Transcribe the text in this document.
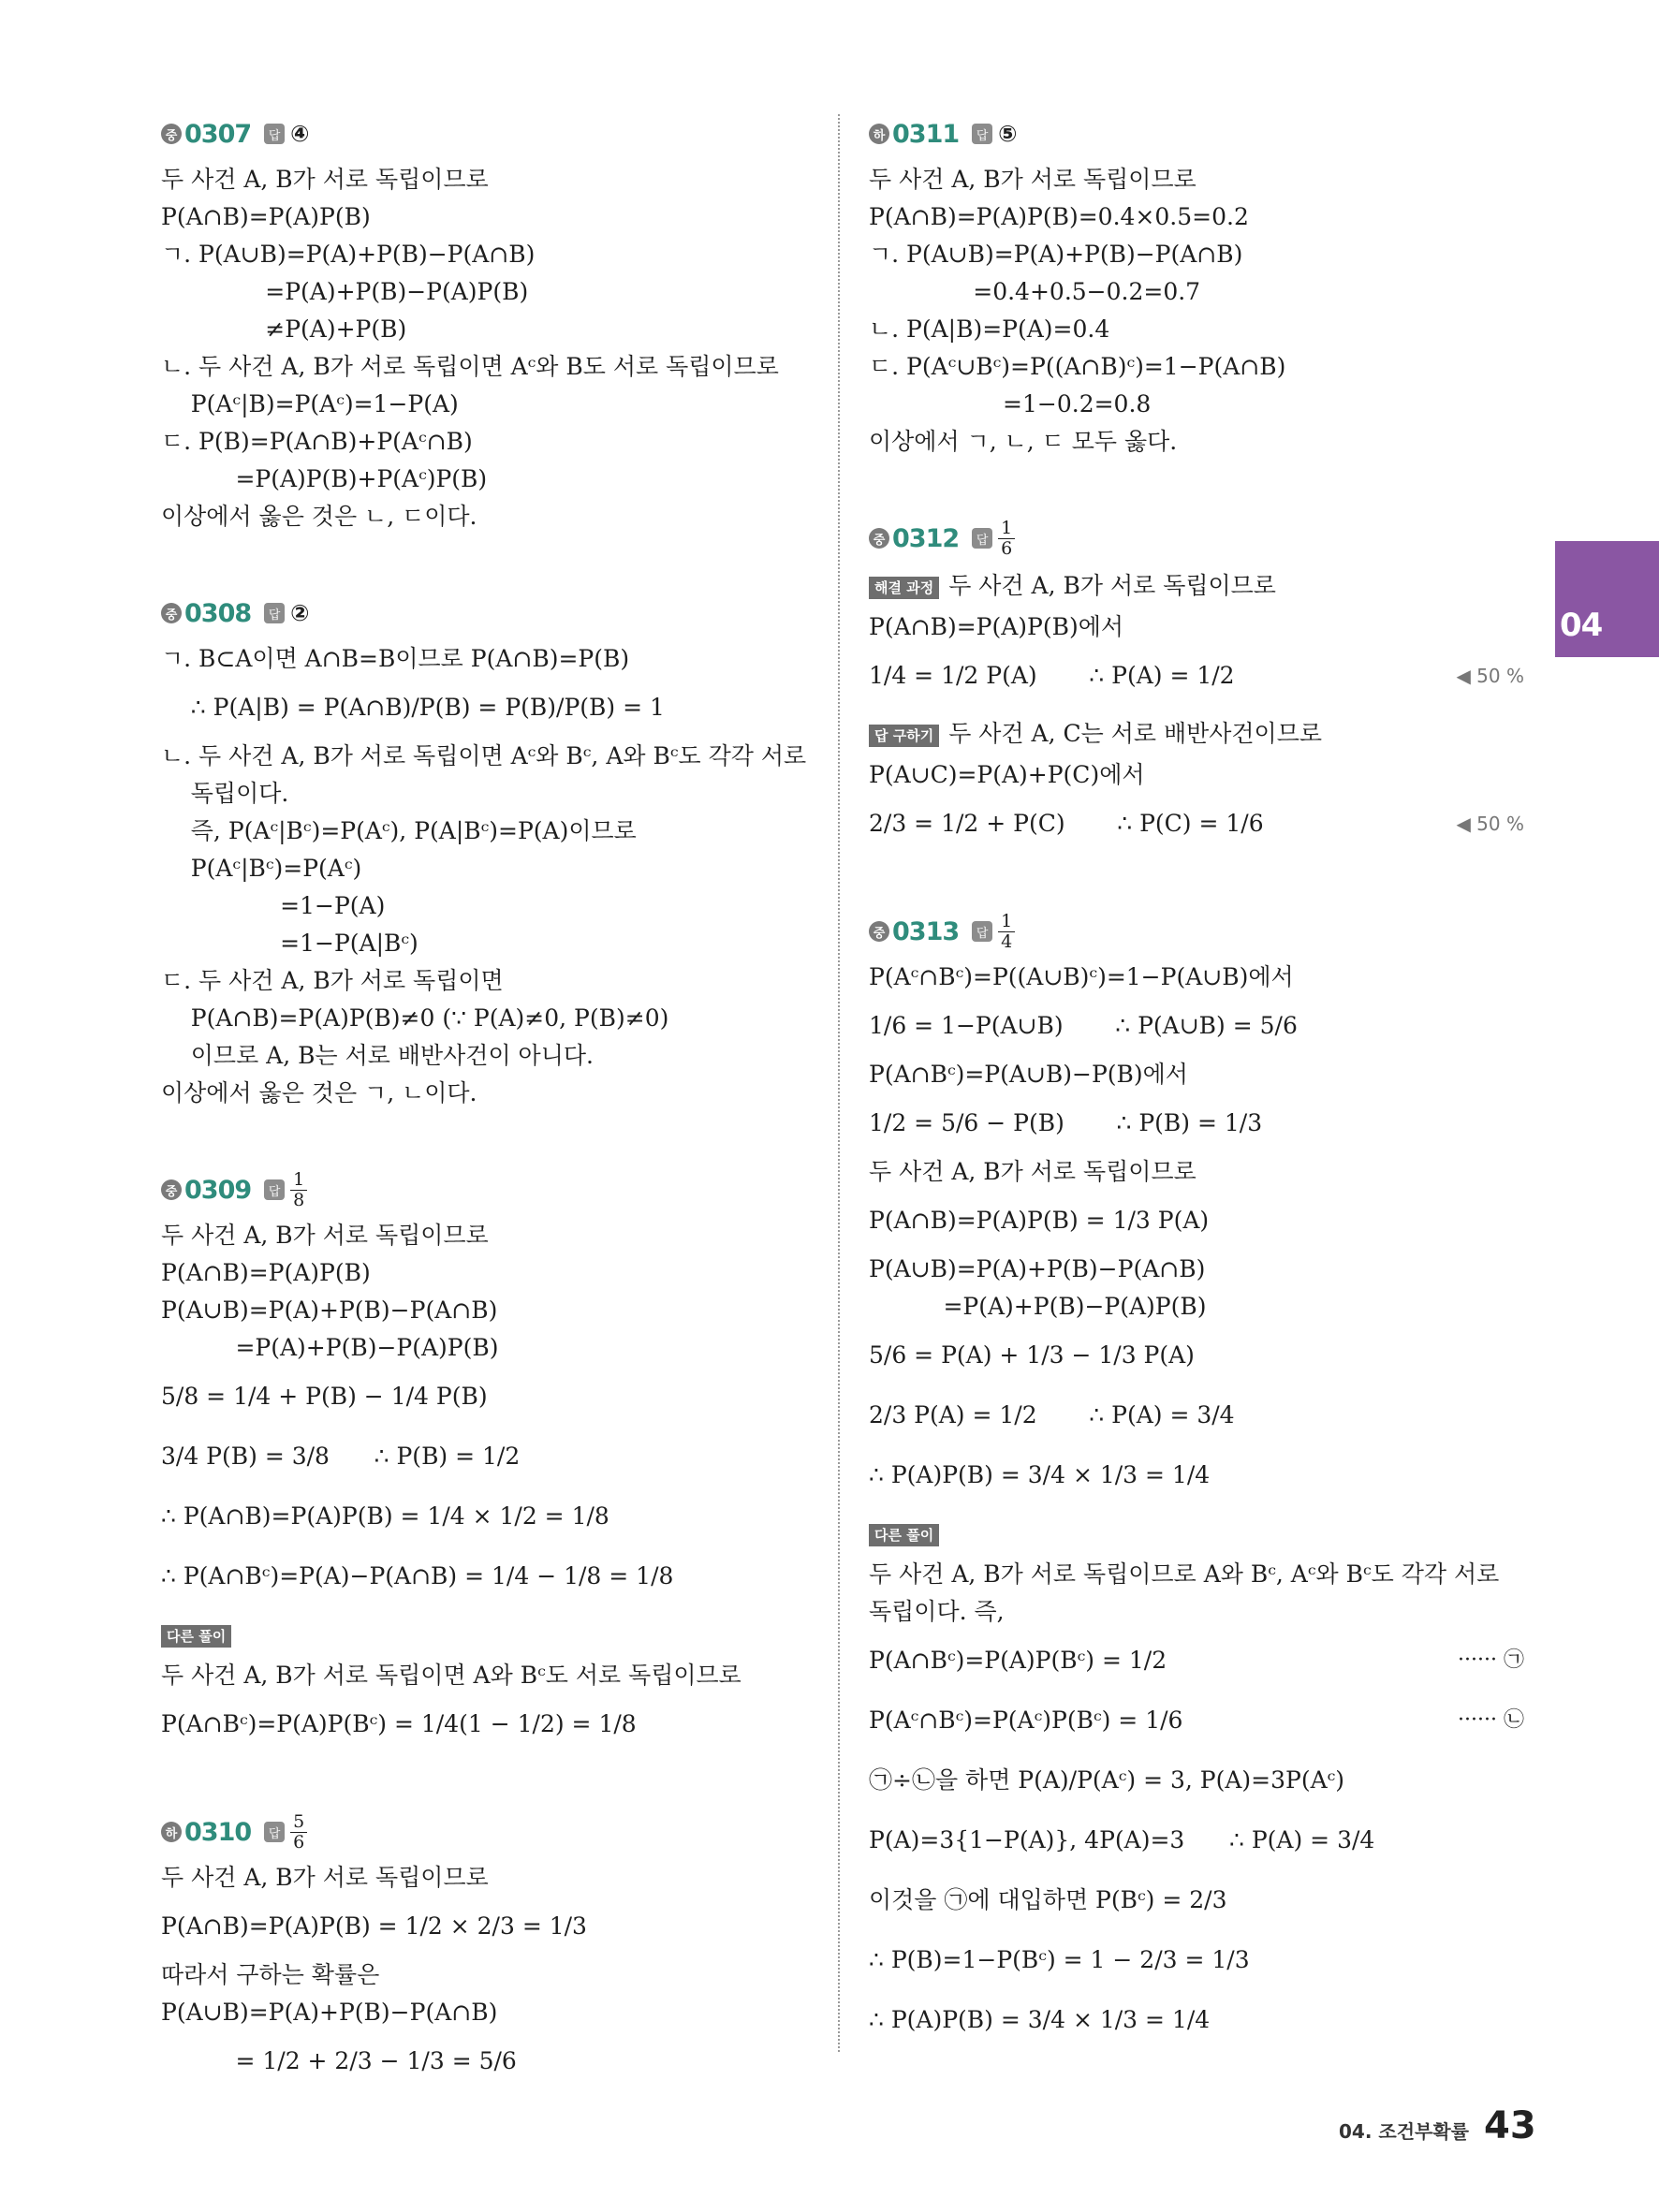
중 0307	답 ④
두 사건 A, B가 서로 독립이므로
P(A∩B)=P(A)P(B)
ㄱ. P(A∪B)=P(A)+P(B)−P(A∩B)
=P(A)+P(B)−P(A)P(B)
≠P(A)+P(B)
ㄴ. 두 사건 A, B가 서로 독립이면 Aᶜ와 B도 서로 독립이므로
P(Aᶜ|B)=P(Aᶜ)=1−P(A)
ㄷ. P(B)=P(A∩B)+P(Aᶜ∩B)
=P(A)P(B)+P(Aᶜ)P(B)
이상에서 옳은 것은 ㄴ, ㄷ이다.
중 0308	답 ②
ㄱ. B⊂A이면 A∩B=B이므로 P(A∩B)=P(B)
∴ P(A|B) = P(A∩B)/P(B) = P(B)/P(B) = 1
ㄴ. 두 사건 A, B가 서로 독립이면 Aᶜ와 Bᶜ, A와 Bᶜ도 각각 서로
독립이다.
즉, P(Aᶜ|Bᶜ)=P(Aᶜ), P(A|Bᶜ)=P(A)이므로
P(Aᶜ|Bᶜ)=P(Aᶜ)
=1−P(A)
=1−P(A|Bᶜ)
ㄷ. 두 사건 A, B가 서로 독립이면
P(A∩B)=P(A)P(B)≠0 (∵ P(A)≠0, P(B)≠0)
이므로 A, B는 서로 배반사건이 아니다.
이상에서 옳은 것은 ㄱ, ㄴ이다.
중 0309	답 $\frac{1}{8}$
두 사건 A, B가 서로 독립이므로
P(A∩B)=P(A)P(B)
P(A∪B)=P(A)+P(B)−P(A∩B)
=P(A)+P(B)−P(A)P(B)
5/8 = 1/4 + P(B) − 1/4 P(B)
3/4 P(B) = 3/8      ∴ P(B) = 1/2
∴ P(A∩B)=P(A)P(B) = 1/4 × 1/2 = 1/8
∴ P(A∩Bᶜ)=P(A)−P(A∩B) = 1/4 − 1/8 = 1/8
다른 풀이
두 사건 A, B가 서로 독립이면 A와 Bᶜ도 서로 독립이므로
P(A∩Bᶜ)=P(A)P(Bᶜ) = 1/4(1 − 1/2) = 1/8
하 0310	답 $\frac{5}{6}$
두 사건 A, B가 서로 독립이므로
P(A∩B)=P(A)P(B) = 1/2 × 2/3 = 1/3
따라서 구하는 확률은
P(A∪B)=P(A)+P(B)−P(A∩B)
= 1/2 + 2/3 − 1/3 = 5/6
하 0311	답 ⑤
두 사건 A, B가 서로 독립이므로
P(A∩B)=P(A)P(B)=0.4×0.5=0.2
ㄱ. P(A∪B)=P(A)+P(B)−P(A∩B)
=0.4+0.5−0.2=0.7
ㄴ. P(A|B)=P(A)=0.4
ㄷ. P(Aᶜ∪Bᶜ)=P((A∩B)ᶜ)=1−P(A∩B)
=1−0.2=0.8
이상에서 ㄱ, ㄴ, ㄷ 모두 옳다.
중 0312	답 $\frac{1}{6}$
해결 과정 두 사건 A, B가 서로 독립이므로
P(A∩B)=P(A)P(B)에서
1/4 = 1/2 P(A)       ∴ P(A) = 1/2	◀ 50 %
답 구하기 두 사건 A, C는 서로 배반사건이므로
P(A∪C)=P(A)+P(C)에서
2/3 = 1/2 + P(C)       ∴ P(C) = 1/6	◀ 50 %
중 0313	답 $\frac{1}{4}$
P(Aᶜ∩Bᶜ)=P((A∪B)ᶜ)=1−P(A∪B)에서
1/6 = 1−P(A∪B)       ∴ P(A∪B) = 5/6
P(A∩Bᶜ)=P(A∪B)−P(B)에서
1/2 = 5/6 − P(B)       ∴ P(B) = 1/3
두 사건 A, B가 서로 독립이므로
P(A∩B)=P(A)P(B) = 1/3 P(A)
P(A∪B)=P(A)+P(B)−P(A∩B)
=P(A)+P(B)−P(A)P(B)
5/6 = P(A) + 1/3 − 1/3 P(A)
2/3 P(A) = 1/2       ∴ P(A) = 3/4
∴ P(A)P(B) = 3/4 × 1/3 = 1/4
다른 풀이
두 사건 A, B가 서로 독립이므로 A와 Bᶜ, Aᶜ와 Bᶜ도 각각 서로
독립이다. 즉,
P(A∩Bᶜ)=P(A)P(Bᶜ) = 1/2	······ ㉠
P(Aᶜ∩Bᶜ)=P(Aᶜ)P(Bᶜ) = 1/6	······ ㉡
㉠÷㉡을 하면 P(A)/P(Aᶜ) = 3, P(A)=3P(Aᶜ)
P(A)=3{1−P(A)}, 4P(A)=3      ∴ P(A) = 3/4
이것을 ㉠에 대입하면 P(Bᶜ) = 2/3
∴ P(B)=1−P(Bᶜ) = 1 − 2/3 = 1/3
∴ P(A)P(B) = 3/4 × 1/3 = 1/4
04
04. 조건부확률 43
